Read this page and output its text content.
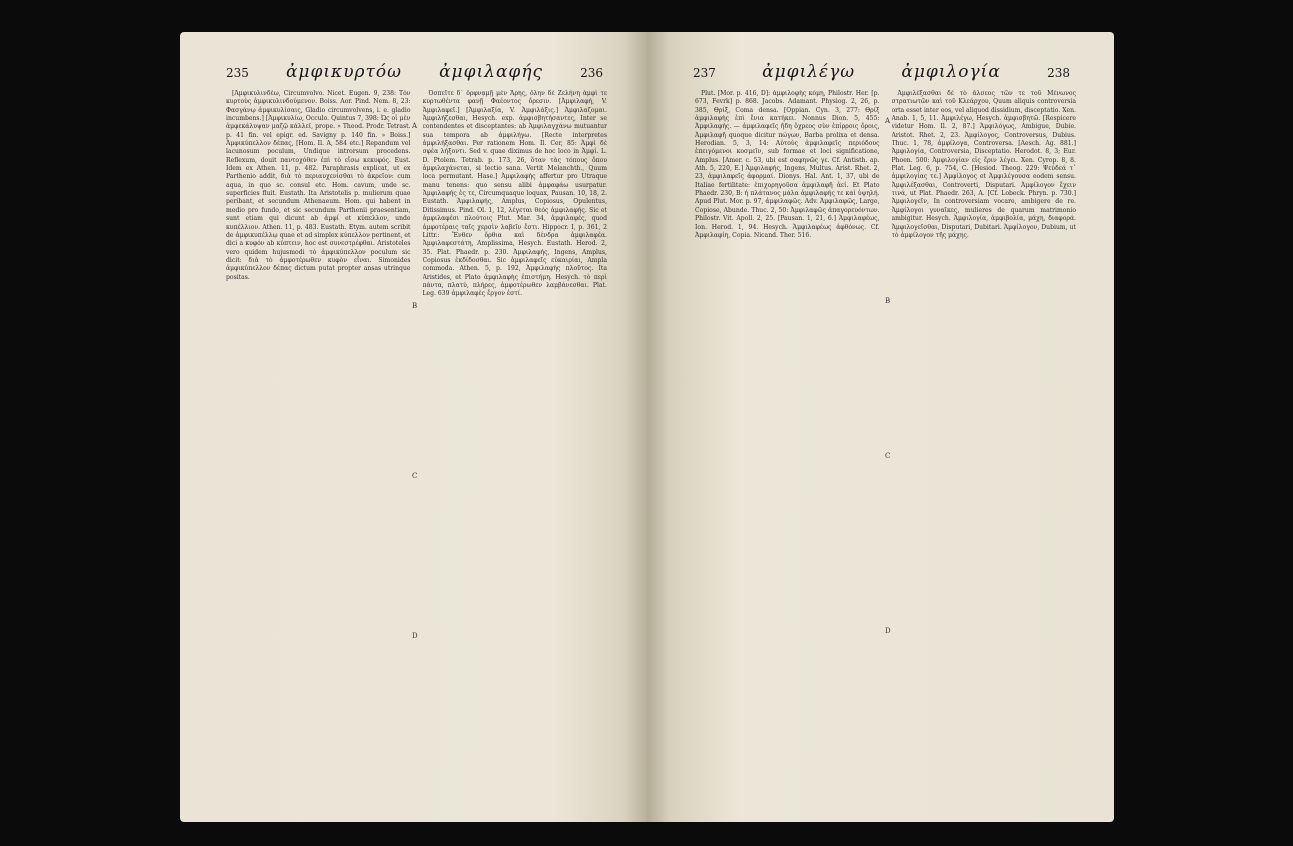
235 ἀμφικυρτόω ἀμφιλαφής	236

[Ἀμφικυλινδέω, Circumvolvo. Nicet. Eugen. 9, 238: Τὸν κυρτοὺς ἀμφικυλινδούμενον. Boiss. Aor. Pind. Nem. 8, 23: Φασγάνῳ ἀμφικυλίσαις, Gladio circumvolvens, i. e. gladio incumbens.] [Ἀμφικυλίω, Occulo. Quintus 7, 398: Ὡς οἱ μὲν ἀμφεκάλυψαν μαζῷ κάλλεϊ, prope. » Theod. Prodr. Tetrast. p. 41 fin. vel epigr. ed. Savigny p. 140 fin. » Boiss.] Ἀμφικύπελλον δέπας, [Hom. Il. A, 584 etc.] Repandum vel lacunosum poculum, Undique introrsum procedens. Reflexum, douit παντοχόθεν ἐπὶ τὸ εἴσω κεκυφός. Eust. Idem ex Athen. 11, p. 482. Paraphrasis explicat, ut ex Parthenio addit, διὰ τὸ περιαυχενίσθαι τὸ ἀκρεῖον: cum aqua, in quo sc. consul etc. Hom. cavum, unde sc. superficies fluit. Eustath. Ita Aristotelis p. mulierum quae peribant, et secundum Athenaeum. Hom. qui habent in medio pro fundo, et sic secundum Parthenii praesentiam, sunt etiam qui dicunt ab ἀμφί et κύπελλον, unde κυπέλλιον. Athen. 11, p. 483. Eustath. Etym. autem scribit de ἀμφικυπέλλῳ quae et ad simplex κύπελλον pertinent, et dici a κυφόν ab κύπτειν, hoc est συνεστρέφθαι. Aristoteles vero quidem hujusmodi τὸ ἀμφικύπελλον poculum sic dicit: διὰ τὸ ἀμφοτέρωθεν κυφὸν εἶναι. Simonides ἀμφικύπελλον δέπας dictum putat propter ansas utrinque positas.

Ὀσπεῖτε δ᾽ ὄρφνᾳμῇ μὲν Ἄρης, ὄλην δὲ Ζελήνη ἀμφὶ τε κυρτωθέντα φανῇ Φαέοντος ὄρεσιν. [Ἀμφιλαφή, V. Ἀμφιλαφεῖ.] [Ἀμφιλαξία, V. Ἀμφιλάξις.] Ἀμφιλαζομαι. Ἀμφιλήζεσθαι, Hesych. exp. ἀμφισβητήσαντες, Inter se contendentes et disceptantes: ab Ἀμφιλαγχάνω mutuantur sua tempora ab ἀμφιλήγω. [Recte interpretes ἀμφιλήξασθαι. Per rationem Hom. Il. Cer, 85: Ἀμφὶ δὲ σφέα λήξοντι. Sed v. quae diximus de hoc loco in Ἀμφί. L. D. Ptolem. Tetrab. p. 173, 26, ὅταν τὰς τόπους ὅπου ἀμφιλαχάνεται, si lectio sana. Vertit Melanchth., Quum loca permutant. Hase.] Ἀμφιλαφής affertur pro Utraque manu tenens: quo sensu alibi ἀμφαφάω usurpatur. Ἀμφιλαφής ἐς τε, Circumquaque loquax, Pausan. 10, 18, 2. Eustath. Ἀμφιλαφής, Amplus, Copiosus, Opulentus, Ditissimus. Pind. Ol. 1, 12, λέγεται θεός ἀμφιλαφής. Sic et ἀμφιλαφέσι πλούτοις Plut. Mar. 34, ἄμφιλαφές, quod ἀμφοτέραις ταῖς χερσὶν λαβεῖν ἔστι. Hippocr. I, p. 361, 2 Littr.: Ἔνθεν ὄρθια καὶ δένδρα ἀμφιλαφέα. Ἀμφιλαφεστάτη, Amplissima, Hesych. Eustath. Herod. 2, 35. Plat. Phaedr. p. 230. Ἀμφιλαφής, Ingens, Amplus, Copiosus ἐκδίδοσθαι. Sic ἀμφιλαφεῖς εὐκαιρίαι, Ampla commoda. Athen. 5, p. 192, Ἀμφιλαφὴς πλοῦτος. Ita Aristides, et Plato ἀμφιλαφὴς ἐπιστήμη. Hesych. τὸ περὶ πάντα, πλατύ, πλήρες, ἀμφοτέρωθεν λαμβάνεσθαι. Plat. Leg. 639 ἀμφιλαφὲς ἔργον ἐστί.

A
B
C
D
237	ἀμφιλέγω	ἀμφιλογία	238

Plut. [Mor. p. 416, D]: ἀμφιλοφὴς κόμη, Philostr. Her. [p. 673, Fevrk] p. 868. Jacobs. Adamant. Physiog. 2, 26, p. 385, Θρίξ, Coma densa. [Oppian. Cyn. 3, 277: Θρίξ ἀμφιλαφὴς ἐπὶ ἔνια κατήκει. Nonnus Dion. 5, 455: Ἀμφιλαφής. — ἀμφιλαφεῖς ἤδη ὄχρεος σὺν ἐπίρροις ὄροις, Ἀμφιλαφῆ quoque dicitur πώγων, Barba prolixa et densa. Herodian. 5, 3, 14: Αὐτοὺς ἀμφιλαφεῖς περιόδους ἐπειγόμενοι κοσμεῖν, sub formae et loci significatione, Amplus. [Amer. c. 53, ubi est σαφηνῶς γε. Cf. Antisth. ap. Ath. 5, 220, E.] Ἀμφιλαφής, Ingens, Multus. Arist. Rhet. 2, 23, ἀμφιλαφεῖς ἀφορμαί. Dionys. Hal. Ant. 1, 37, ubi de Italiae fertilitate: ἐπιχορηγοῦσα ἀμφιλαφῆ ἀεί. Et Plato Phaedr. 230, B: ἡ πλάτανος μάλα ἀμφιλαφής τε καὶ ὑψηλή. Apud Plut. Mor. p. 97, ἀμφιλαφῶς. Adv. Ἀμφιλαφῶς, Large, Copiose, Abunde. Thuc. 2, 50: Ἀμφιλαφῶς ἀπαγορευόντων. Philostr. Vit. Apoll. 2, 25. [Pausan. 1, 21, 6.] Ἀμφιλαφέως, Ion. Herod. 1, 94. Hesych. Ἀμφιλαφέως ἀφθόνως. Cf. Ἀμφιλαφίη, Copia. Nicand. Ther. 516.

Ἀμφιλέξασθαι δὲ τὸ ἄλσεος τῶν τε τοῦ Μένωνος στρατιωτῶν καὶ τοῦ Κλεάρχου, Quum aliquis controversia orta esset inter eos, vel aliquod dissidium, disceptatio. Xen. Anab. 1, 5, 11. Ἀμφιλέγω, Hesych. ἀμφισβητῶ. [Respicere videtur Hom. Il. 2, 87.] Ἀμφιλόγως, Ambigue, Dubie. Aristot. Rhet. 2, 23. Ἀμφίλογος, Controversus, Dubius. Thuc. 1, 78, ἀμφίλογα, Controversa. [Aesch. Ag. 881.] Ἀμφιλογία, Controversia, Disceptatio. Herodot. 8, 3; Eur. Phoen. 500: Ἀμφιλογίαν εἰς ἔριν λέγει. Xen. Cyrop. 8, 8. Plat. Leg. 6, p. 754, C. [Hesiod. Theog. 229: Ψεύδεά τ᾽ ἀμφιλογίας τε.] Ἀμφίλογος et Ἀμφιλέγουσα eodem sensu. Ἀμφιλέξασθαι, Controverti, Disputari. Ἀμφίλογον ἔχειν τινά, ut Plat. Phaedr. 263, A. [Cf. Lobeck. Phryn. p. 730.] Ἀμφιλογεῖν, In controversiam vocare, ambigere de re. Ἀμφίλογοι γυναῖκες, mulieres de quarum matrimonio ambigitur. Hesych. Ἀμφιλογία, ἀμφιβολία, μάχη, διαφορά. Ἀμφιλογεῖσθαι, Disputari, Dubitari. Ἀμφίλογον, Dubium, ut τὸ ἀμφίλογον τῆς μάχης.

A
B
C
D
